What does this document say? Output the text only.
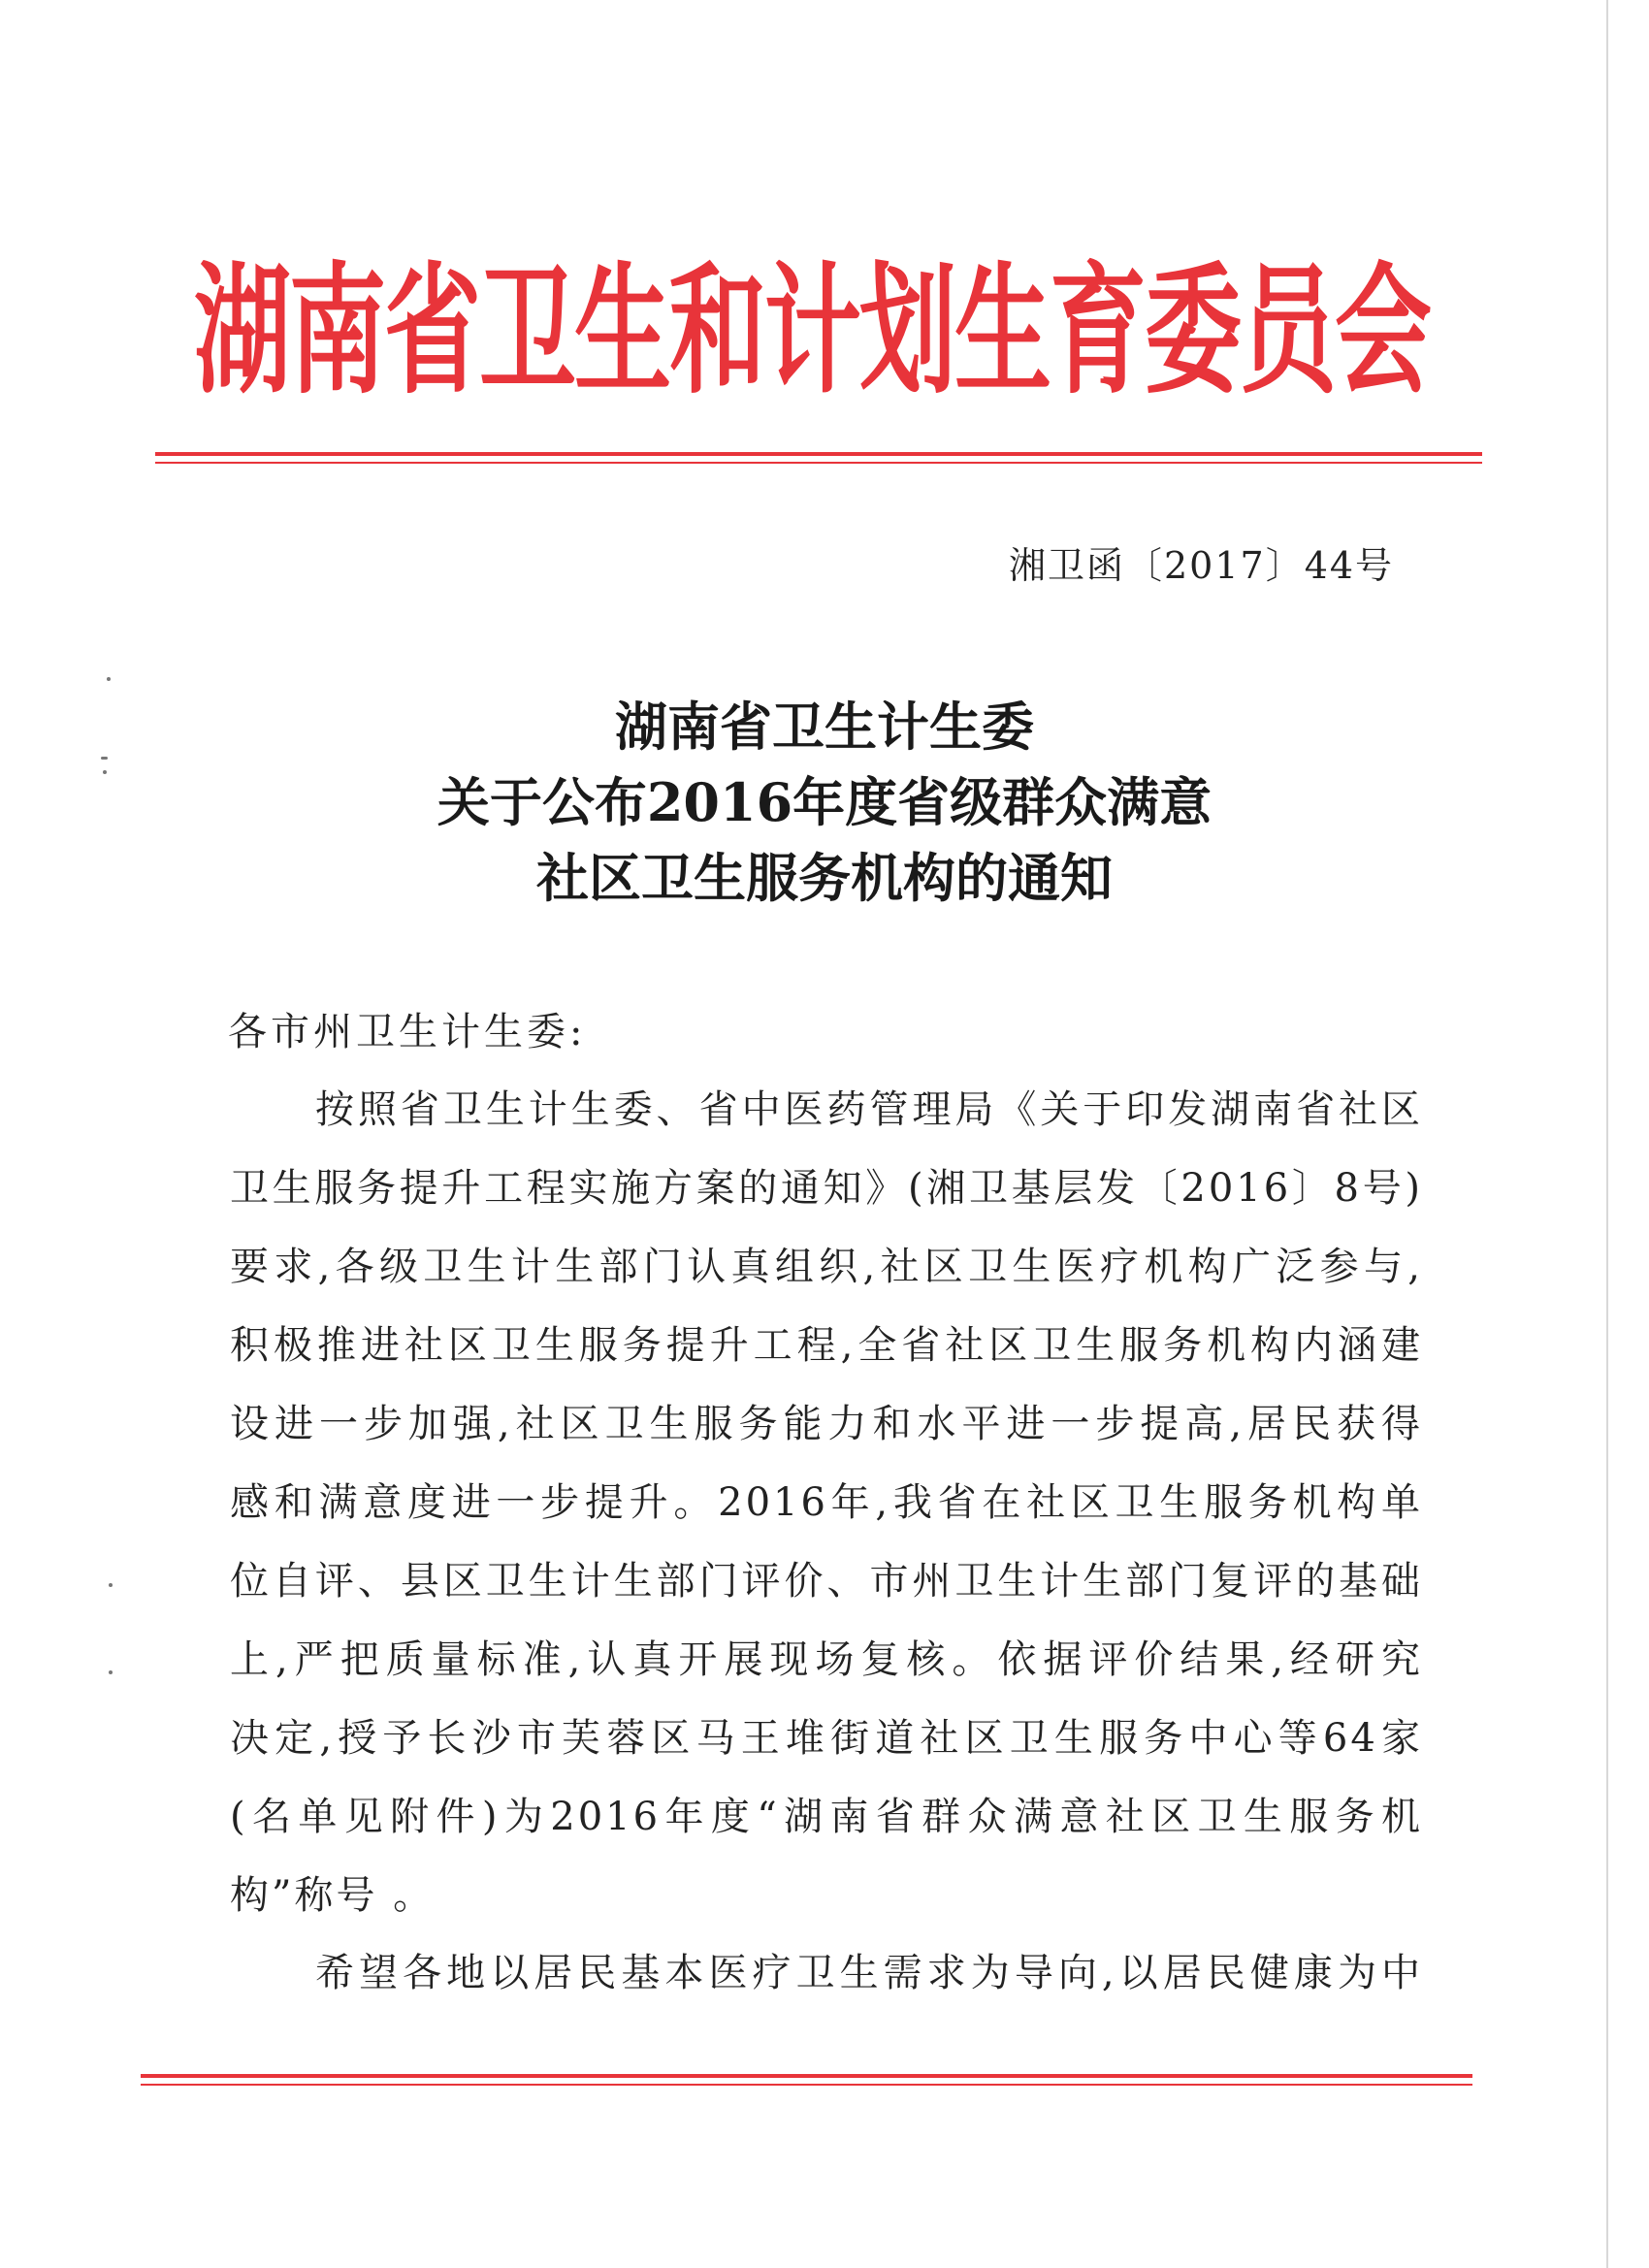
湖南省卫生和计划生育委员会
湘卫函〔2017〕44号
湖南省卫生计生委
关于公布2016年度省级群众满意
社区卫生服务机构的通知
各市州卫生计生委:
按照省卫生计生委、省中医药管理局《关于印发湖南省社区
卫生服务提升工程实施方案的通知》(湘卫基层发〔2016〕8号)
要求,各级卫生计生部门认真组织,社区卫生医疗机构广泛参与,
积极推进社区卫生服务提升工程,全省社区卫生服务机构内涵建
设进一步加强,社区卫生服务能力和水平进一步提高,居民获得
感和满意度进一步提升。2016年,我省在社区卫生服务机构单
位自评、县区卫生计生部门评价、市州卫生计生部门复评的基础
上,严把质量标准,认真开展现场复核。依据评价结果,经研究
决定,授予长沙市芙蓉区马王堆街道社区卫生服务中心等64家
(名单见附件)为2016年度“湖南省群众满意社区卫生服务机
构”称号 。
希望各地以居民基本医疗卫生需求为导向,以居民健康为中
